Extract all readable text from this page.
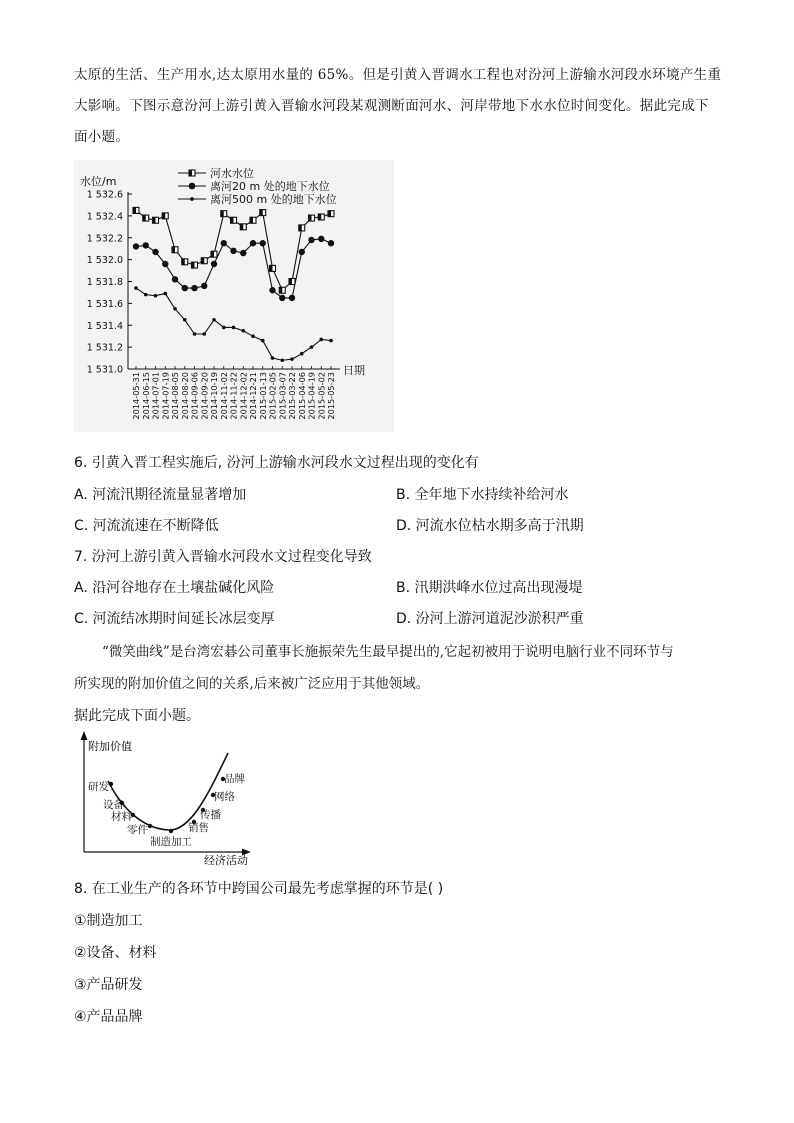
太原的生活、生产用水,达太原用水量的 65%。但是引黄入晋调水工程也对汾河上游输水河段水环境产生重
大影响。下图示意汾河上游引黄入晋输水河段某观测断面河水、河岸带地下水水位时间变化。据此完成下
面小题。
1 532.6
1 532.4
1 532.2
1 532.0
1 531.8
1 531.6
1 531.4
1 531.2
1 531.0
水位/m
日期
河水水位
离河20 m 处的地下水位
离河500 m 处的地下水位
2014-05-31 2014-06-15 2014-07-01 2014-07-19 2014-08-05 2014-08-20 2014-09-06 2014-09-20 2014-10-19 2014-11-02 2014-11-22 2014-12-02 2014-12-21 2015-01-13 2015-02-05 2015-03-07 2015-03-22 2015-04-06 2015-04-19 2015-05-02 2015-05-23
6. 引黄入晋工程实施后, 汾河上游输水河段水文过程出现的变化有
A. 河流汛期径流量显著增加	B. 全年地下水持续补给河水
C. 河流流速在不断降低	D. 河流水位枯水期多高于汛期
7. 汾河上游引黄入晋输水河段水文过程变化导致
A. 沿河谷地存在土壤盐碱化风险	B. 汛期洪峰水位过高出现漫堤
C. 河流结冰期时间延长冰层变厚	D. 汾河上游河道泥沙淤积严重
“微笑曲线”是台湾宏碁公司董事长施振荣先生最早提出的,它起初被用于说明电脑行业不同环节与
所实现的附加价值之间的关系,后来被广泛应用于其他领域。
据此完成下面小题。
附加价值
经济活动
研发
设备
材料
零件
制造加工
销售
传播
网络
品牌
8. 在工业生产的各环节中跨国公司最先考虑掌握的环节是( )
①制造加工
②设备、材料
③产品研发
④产品品牌
